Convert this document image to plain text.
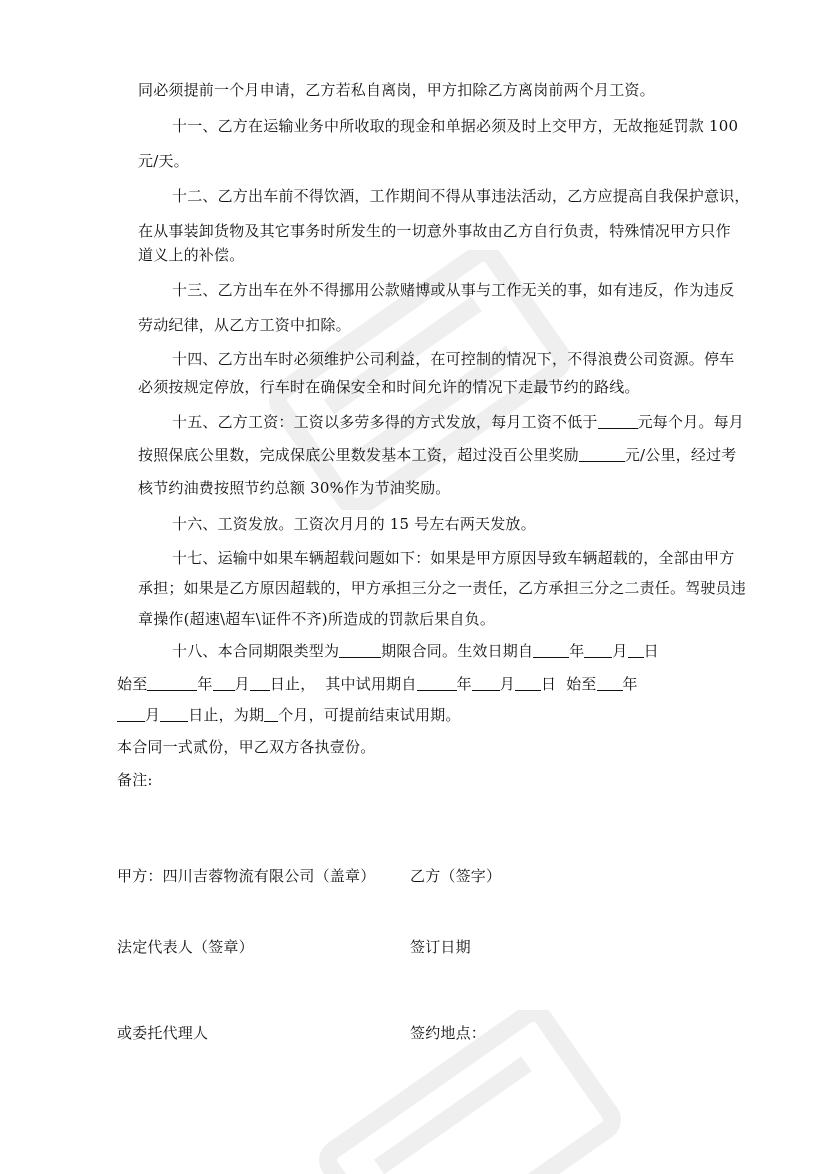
同必须提前一个月申请，乙方若私自离岗，甲方扣除乙方离岗前两个月工资。
十一、乙方在运输业务中所收取的现金和单据必须及时上交甲方，无故拖延罚款 100
元/天。
十二、乙方出车前不得饮酒，工作期间不得从事违法活动，乙方应提高自我保护意识，
在从事装卸货物及其它事务时所发生的一切意外事故由乙方自行负责，特殊情况甲方只作
道义上的补偿。
十三、乙方出车在外不得挪用公款赌博或从事与工作无关的事，如有违反，作为违反
劳动纪律，从乙方工资中扣除。
十四、乙方出车时必须维护公司利益，在可控制的情况下，不得浪费公司资源。停车
必须按规定停放，行车时在确保安全和时间允许的情况下走最节约的路线。
十五、乙方工资：工资以多劳多得的方式发放，每月工资不低于	元每个月。每月
按照保底公里数，完成保底公里数发基本工资，超过没百公里奖励	元/公里，经过考
核节约油费按照节约总额 30%作为节油奖励。
十六、工资发放。工资次月月的 15 号左右两天发放。
十七、运输中如果车辆超载问题如下：如果是甲方原因导致车辆超载的，全部由甲方
承担；如果是乙方原因超载的，甲方承担三分之一责任，乙方承担三分之二责任。驾驶员违
章操作(超速\超车\证件不齐)所造成的罚款后果自负。
十八、本合同期限类型为	期限合同。生效日期自 年 月 日
始至	年 月 日止， 其中试用期自	年 月 日 始至 年
月 日止，为期 个月，可提前结束试用期。
本合同一式贰份，甲乙双方各执壹份。
备注:
甲方：四川吉蓉物流有限公司（盖章） 乙方（签字）
法定代表人（签章）	签订日期
或委托代理人	签约地点：
